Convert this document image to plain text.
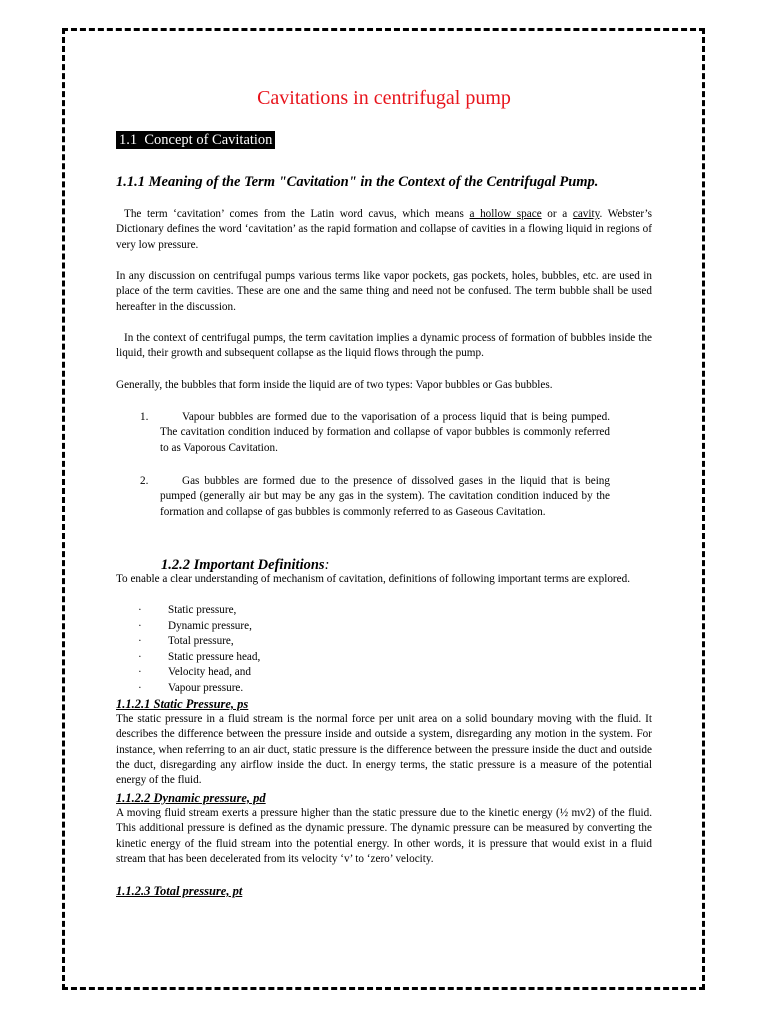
Cavitations in centrifugal pump
1.1 Concept of Cavitation
1.1.1 Meaning of the Term "Cavitation" in the Context of the Centrifugal Pump.
The term ‘cavitation’ comes from the Latin word cavus, which means a hollow space or a cavity. Webster’s Dictionary defines the word ‘cavitation’ as the rapid formation and collapse of cavities in a flowing liquid in regions of very low pressure.
In any discussion on centrifugal pumps various terms like vapor pockets, gas pockets, holes, bubbles, etc. are used in place of the term cavities. These are one and the same thing and need not be confused. The term bubble shall be used hereafter in the discussion.
In the context of centrifugal pumps, the term cavitation implies a dynamic process of formation of bubbles inside the liquid, their growth and subsequent collapse as the liquid flows through the pump.
Generally, the bubbles that form inside the liquid are of two types: Vapor bubbles or Gas bubbles.
1.	Vapour bubbles are formed due to the vaporisation of a process liquid that is being pumped. The cavitation condition induced by formation and collapse of vapor bubbles is commonly referred to as Vaporous Cavitation.
2.	Gas bubbles are formed due to the presence of dissolved gases in the liquid that is being pumped (generally air but may be any gas in the system). The cavitation condition induced by the formation and collapse of gas bubbles is commonly referred to as Gaseous Cavitation.
1.2.2 Important Definitions:
To enable a clear understanding of mechanism of cavitation, definitions of following important terms are explored.
· Static pressure,
· Dynamic pressure,
· Total pressure,
· Static pressure head,
· Velocity head, and
· Vapour pressure.
1.1.2.1 Static Pressure, ps
The static pressure in a fluid stream is the normal force per unit area on a solid boundary moving with the fluid. It describes the difference between the pressure inside and outside a system, disregarding any motion in the system. For instance, when referring to an air duct, static pressure is the difference between the pressure inside the duct and outside the duct, disregarding any airflow inside the duct. In energy terms, the static pressure is a measure of the potential energy of the fluid.
1.1.2.2 Dynamic pressure, pd
A moving fluid stream exerts a pressure higher than the static pressure due to the kinetic energy (½ mv2) of the fluid. This additional pressure is defined as the dynamic pressure. The dynamic pressure can be measured by converting the kinetic energy of the fluid stream into the potential energy. In other words, it is pressure that would exist in a fluid stream that has been decelerated from its velocity ‘v’ to ‘zero’ velocity.
1.1.2.3 Total pressure, pt
